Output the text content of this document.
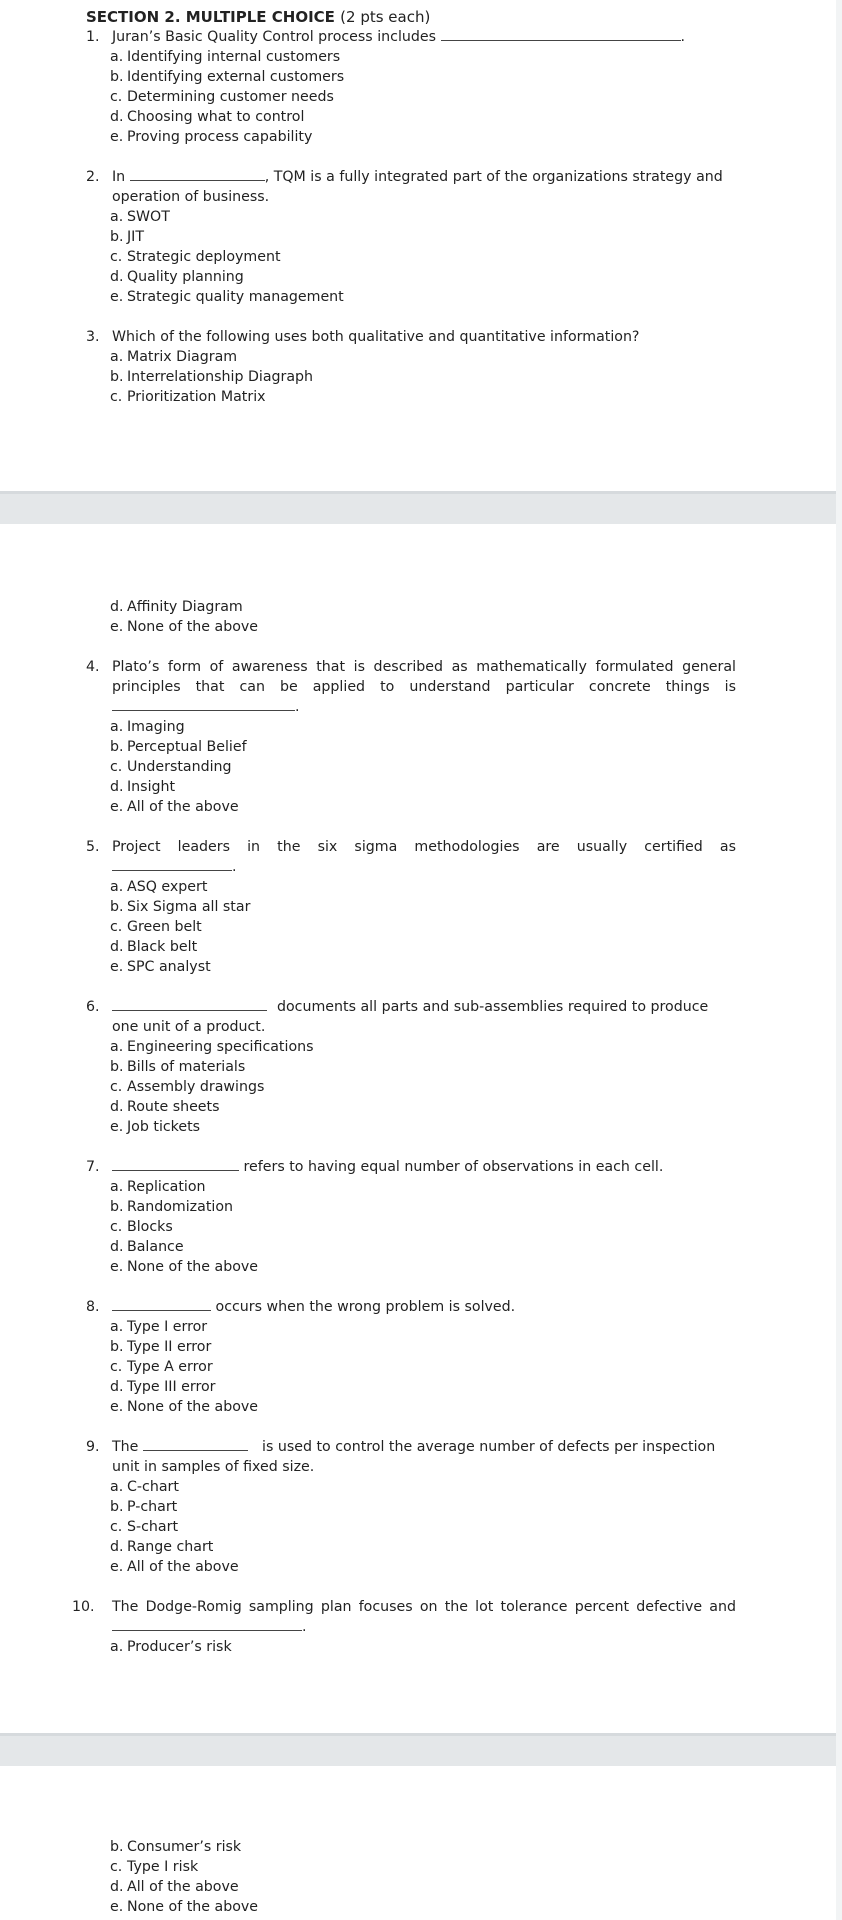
SECTION 2. MULTIPLE CHOICE (2 pts each)
1. Juran’s Basic Quality Control process includes	.
a. Identifying internal customers
b. Identifying external customers
c. Determining customer needs
d. Choosing what to control
e. Proving process capability
2. In	, TQM is a fully integrated part of the organizations strategy and
operation of business.
a. SWOT
b. JIT
c. Strategic deployment
d. Quality planning
e. Strategic quality management
3. Which of the following uses both qualitative and quantitative information?
a. Matrix Diagram
b. Interrelationship Diagraph
c. Prioritization Matrix
d. Affinity Diagram
e. None of the above
4. Plato’s form of awareness that is described as mathematically formulated general
principles that can be applied to understand particular concrete things is
.
a. Imaging
b. Perceptual Belief
c. Understanding
d. Insight
e. All of the above
5. Project leaders in the six sigma methodologies are usually certified as
.
a. ASQ expert
b. Six Sigma all star
c. Green belt
d. Black belt
e. SPC analyst
6.	documents all parts and sub-assemblies required to produce
one unit of a product.
a. Engineering specifications
b. Bills of materials
c. Assembly drawings
d. Route sheets
e. Job tickets
7.	refers to having equal number of observations in each cell.
a. Replication
b. Randomization
c. Blocks
d. Balance
e. None of the above
8.	occurs when the wrong problem is solved.
a. Type I error
b. Type II error
c. Type A error
d. Type III error
e. None of the above
9. The	is used to control the average number of defects per inspection
unit in samples of fixed size.
a. C-chart
b. P-chart
c. S-chart
d. Range chart
e. All of the above
10. The Dodge-Romig sampling plan focuses on the lot tolerance percent defective and
.
a. Producer’s risk
b. Consumer’s risk
c. Type I risk
d. All of the above
e. None of the above
